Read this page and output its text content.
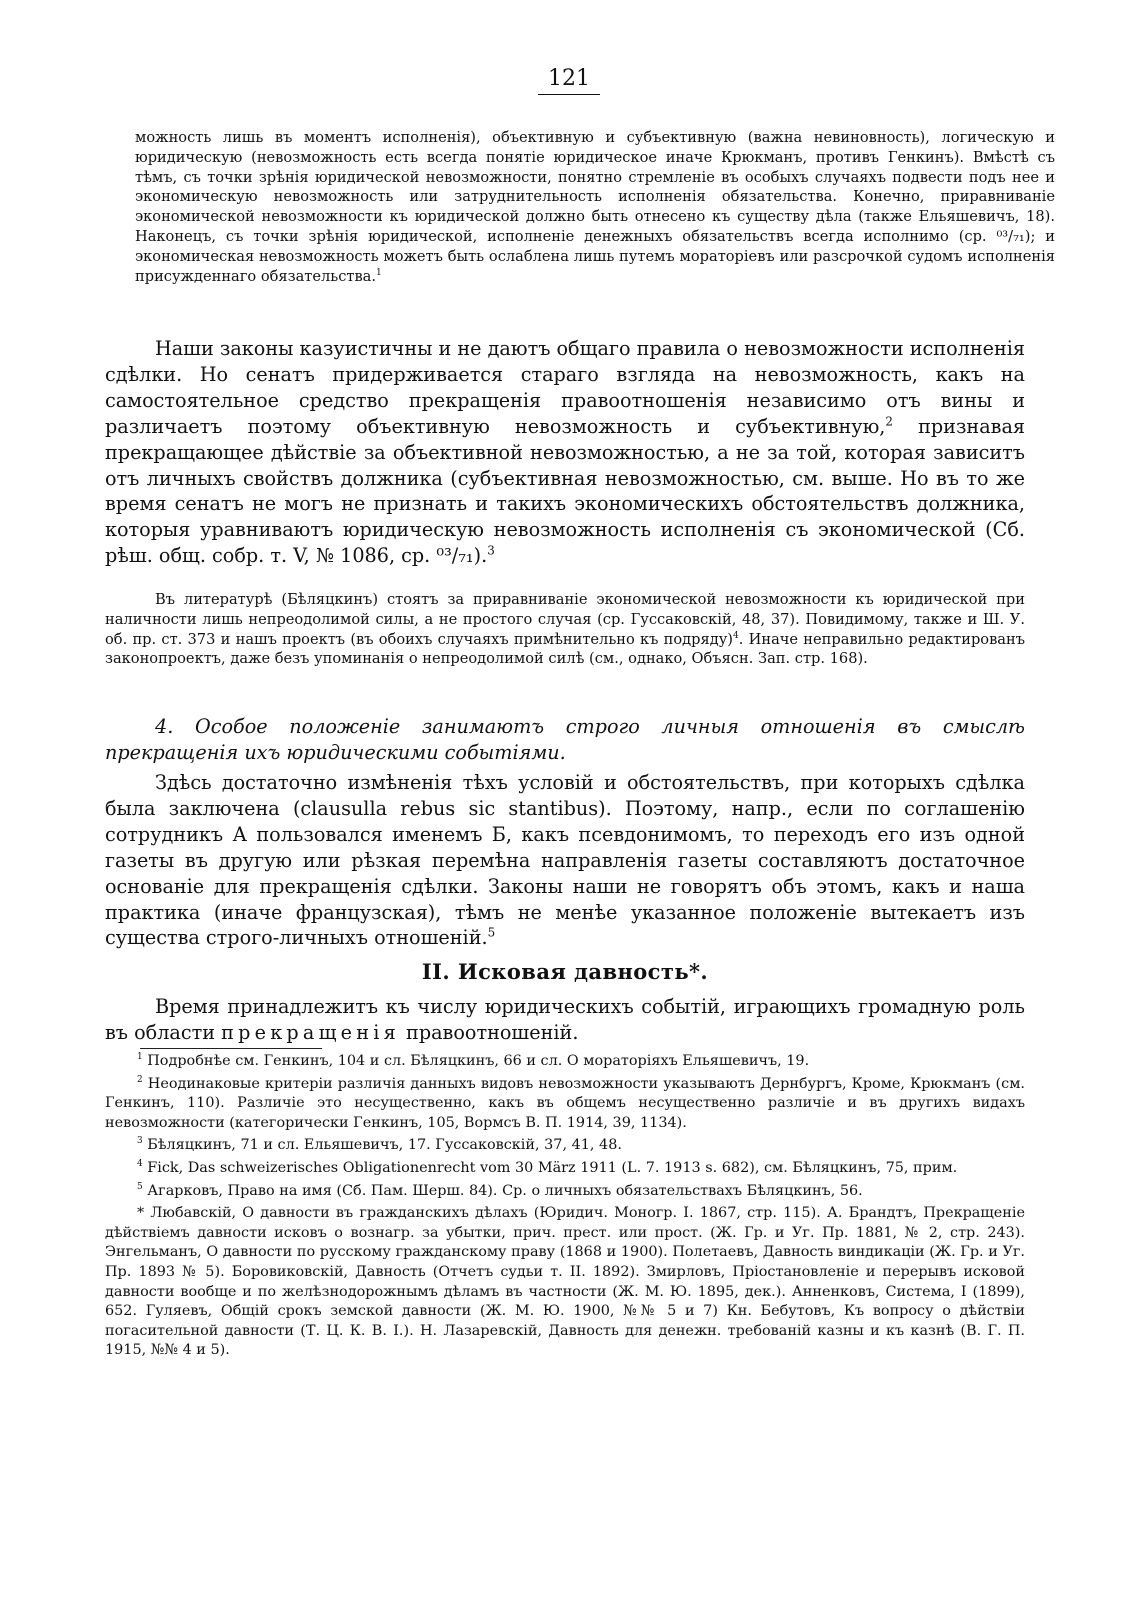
121

можность лишь въ моментъ исполненія), объективную и субъективную (важна невиновность), логическую и юридическую (невозможность есть всегда понятіе юридическое иначе Крюкманъ, противъ Генкинъ). Вмѣстѣ съ тѣмъ, съ точки зрѣнія юридической невозможности, понятно стремленіе въ особыхъ случаяхъ подвести подъ нее и экономическую невозможность или затруднительность исполненія обязательства. Конечно, приравниваніе экономической невозможности къ юридической должно быть отнесено къ существу дѣла (также Ельяшевичъ, 18). Наконецъ, съ точки зрѣнія юридической, исполненіе денежныхъ обязательствъ всегда исполнимо (ср. ⁰³/₇₁); и экономическая невозможность можетъ быть ослаблена лишь путемъ мораторіевъ или разсрочкой судомъ исполненія присужденнаго обязательства.$^1$

Наши законы казуистичны и не даютъ общаго правила о невозможности исполненія сдѣлки. Но сенатъ придерживается стараго взгляда на невозможность, какъ на самостоятельное средство прекращенія правоотношенія независимо отъ вины и различаетъ поэтому объективную невозможность и субъективную,$^2$ признавая прекращающее дѣйствіе за объективной невозможностью, а не за той, которая зависитъ отъ личныхъ свойствъ должника (субъективная невозможностью, см. выше. Но въ то же время сенатъ не могъ не признать и такихъ экономическихъ обстоятельствъ должника, которыя уравниваютъ юридическую невозможность исполненія съ экономической (Сб. рѣш. общ. собр. т. V, № 1086, ср. ⁰³/₇₁).$^3$

Въ литературѣ (Бѣляцкинъ) стоятъ за приравниваніе экономической невозможности къ юридической при наличности лишь непреодолимой силы, а не простого случая (ср. Гуссаковскій, 48, 37). Повидимому, также и Ш. У. об. пр. ст. 373 и нашъ проектъ (въ обоихъ случаяхъ примѣнительно къ подряду)$^4$. Иначе неправильно редактированъ законопроектъ, даже безъ упоминанія о непреодолимой силѣ (см., однако, Объясн. Зап. стр. 168).

4. Особое положеніе занимаютъ строго личныя отношенія въ смыслѣ прекращенія ихъ юридическими событіями.

Здѣсь достаточно измѣненія тѣхъ условій и обстоятельствъ, при которыхъ сдѣлка была заключена (clausulla rebus sic stantibus). Поэтому, напр., если по соглашенію сотрудникъ А пользовался именемъ Б, какъ псевдонимомъ, то переходъ его изъ одной газеты въ другую или рѣзкая перемѣна направленія газеты составляютъ достаточное основаніе для прекращенія сдѣлки. Законы наши не говорятъ объ этомъ, какъ и наша практика (иначе французская), тѣмъ не менѣе указанное положеніе вытекаетъ изъ существа строго-личныхъ отношеній.$^5$

II. Исковая давность*.

Время принадлежитъ къ числу юридическихъ событій, играющихъ громадную роль въ области прекращенія правоотношеній.

$^1$ Подробнѣе см. Генкинъ, 104 и сл. Бѣляцкинъ, 66 и сл. О мораторіяхъ Ельяшевичъ, 19.

$^2$ Неодинаковые критеріи различія данныхъ видовъ невозможности указываютъ Дернбургъ, Кроме, Крюкманъ (см. Генкинъ, 110). Различіе это несущественно, какъ въ общемъ несущественно различіе и въ другихъ видахъ невозможности (категорически Генкинъ, 105, Вормсъ В. П. 1914, 39, 1134).

$^3$ Бѣляцкинъ, 71 и сл. Ельяшевичъ, 17. Гуссаковскій, 37, 41, 48.

$^4$ Fick, Das schweizerisches Obligationenrecht vom 30 März 1911 (L. 7. 1913 s. 682), см. Бѣляцкинъ, 75, прим.

$^5$ Агарковъ, Право на имя (Сб. Пам. Шерш. 84). Ср. о личныхъ обязательствахъ Бѣляцкинъ, 56.

* Любавскій, О давности въ гражданскихъ дѣлахъ (Юридич. Моногр. I. 1867, стр. 115). А. Брандтъ, Прекращеніе дѣйствіемъ давности исковъ о вознагр. за убытки, прич. прест. или прост. (Ж. Гр. и Уг. Пр. 1881, № 2, стр. 243). Энгельманъ, О давности по русскому гражданскому праву (1868 и 1900). Полетаевъ, Давность виндикаціи (Ж. Гр. и Уг. Пр. 1893 № 5). Боровиковскій, Давность (Отчетъ судьи т. II. 1892). Змирловъ, Пріостановленіе и перерывъ исковой давности вообще и по желѣзнодорожнымъ дѣламъ въ частности (Ж. М. Ю. 1895, дек.). Анненковъ, Система, I (1899), 652. Гуляевъ, Общій срокъ земской давности (Ж. М. Ю. 1900, №№ 5 и 7) Кн. Бебутовъ, Къ вопросу о дѣйствіи погасительной давности (Т. Ц. К. В. I.). Н. Лазаревскій, Давность для денежн. требованій казны и къ казнѣ (В. Г. П. 1915, №№ 4 и 5).
